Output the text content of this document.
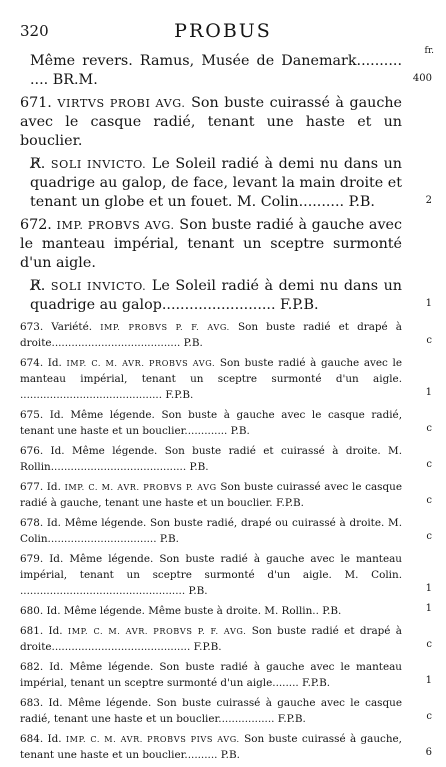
320	PROBUS
fr.
Même revers. Ramus, Musée de Danemark.......... .... BR.M.	400
671. VIRTVS PROBI AVG. Son buste cuirassé à gauche avec le casque radié, tenant une haste et un bouclier.
R̸. SOLI INVICTO. Le Soleil radié à demi nu dans un quadrige au galop, de face, levant la main droite et tenant un globe et un fouet. M. Colin.......... P.B.	2
672. IMP. PROBVS AVG. Son buste radié à gauche avec le manteau impérial, tenant un sceptre surmonté d'un aigle.
R̸. SOLI INVICTO. Le Soleil radié à demi nu dans un quadrige au galop......................... F.P.B.	1
673. Variété. IMP. PROBVS P. F. AVG. Son buste radié et drapé à droite....................................... P.B.	c
674. Id. IMP. C. M. AVR. PROBVS AVG. Son buste radié à gauche avec le manteau impérial, tenant un sceptre surmonté d'un aigle. ........................................... F.P.B.	1
675. Id. Même légende. Son buste à gauche avec le casque radié, tenant une haste et un bouclier............. P.B.	c
676. Id. Même légende. Son buste radié et cuirassé à droite. M. Rollin......................................... P.B.	c
677. Id. IMP. C. M. AVR. PROBVS P. AVG Son buste cuirassé avec le casque radié à gauche, tenant une haste et un bouclier. F.P.B.	c
678. Id. Même légende. Son buste radié, drapé ou cuirassé à droite. M. Colin................................. P.B.	c
679. Id. Même légende. Son buste radié à gauche avec le manteau impérial, tenant un sceptre surmonté d'un aigle. M. Colin. .................................................. P.B.	1
680. Id. Même légende. Même buste à droite. M. Rollin.. P.B.	1
681. Id. IMP. C. M. AVR. PROBVS P. F. AVG. Son buste radié et drapé à droite.......................................... F.P.B.	c
682. Id. Même légende. Son buste radié à gauche avec le manteau impérial, tenant un sceptre surmonté d'un aigle........ F.P.B.	1
683. Id. Même légende. Son buste cuirassé à gauche avec le casque radié, tenant une haste et un bouclier................. F.P.B.	c
684. Id. IMP. C. M. AVR. PROBVS PIVS AVG. Son buste cuirassé à gauche, tenant une haste et un bouclier.......... P.B.	6
